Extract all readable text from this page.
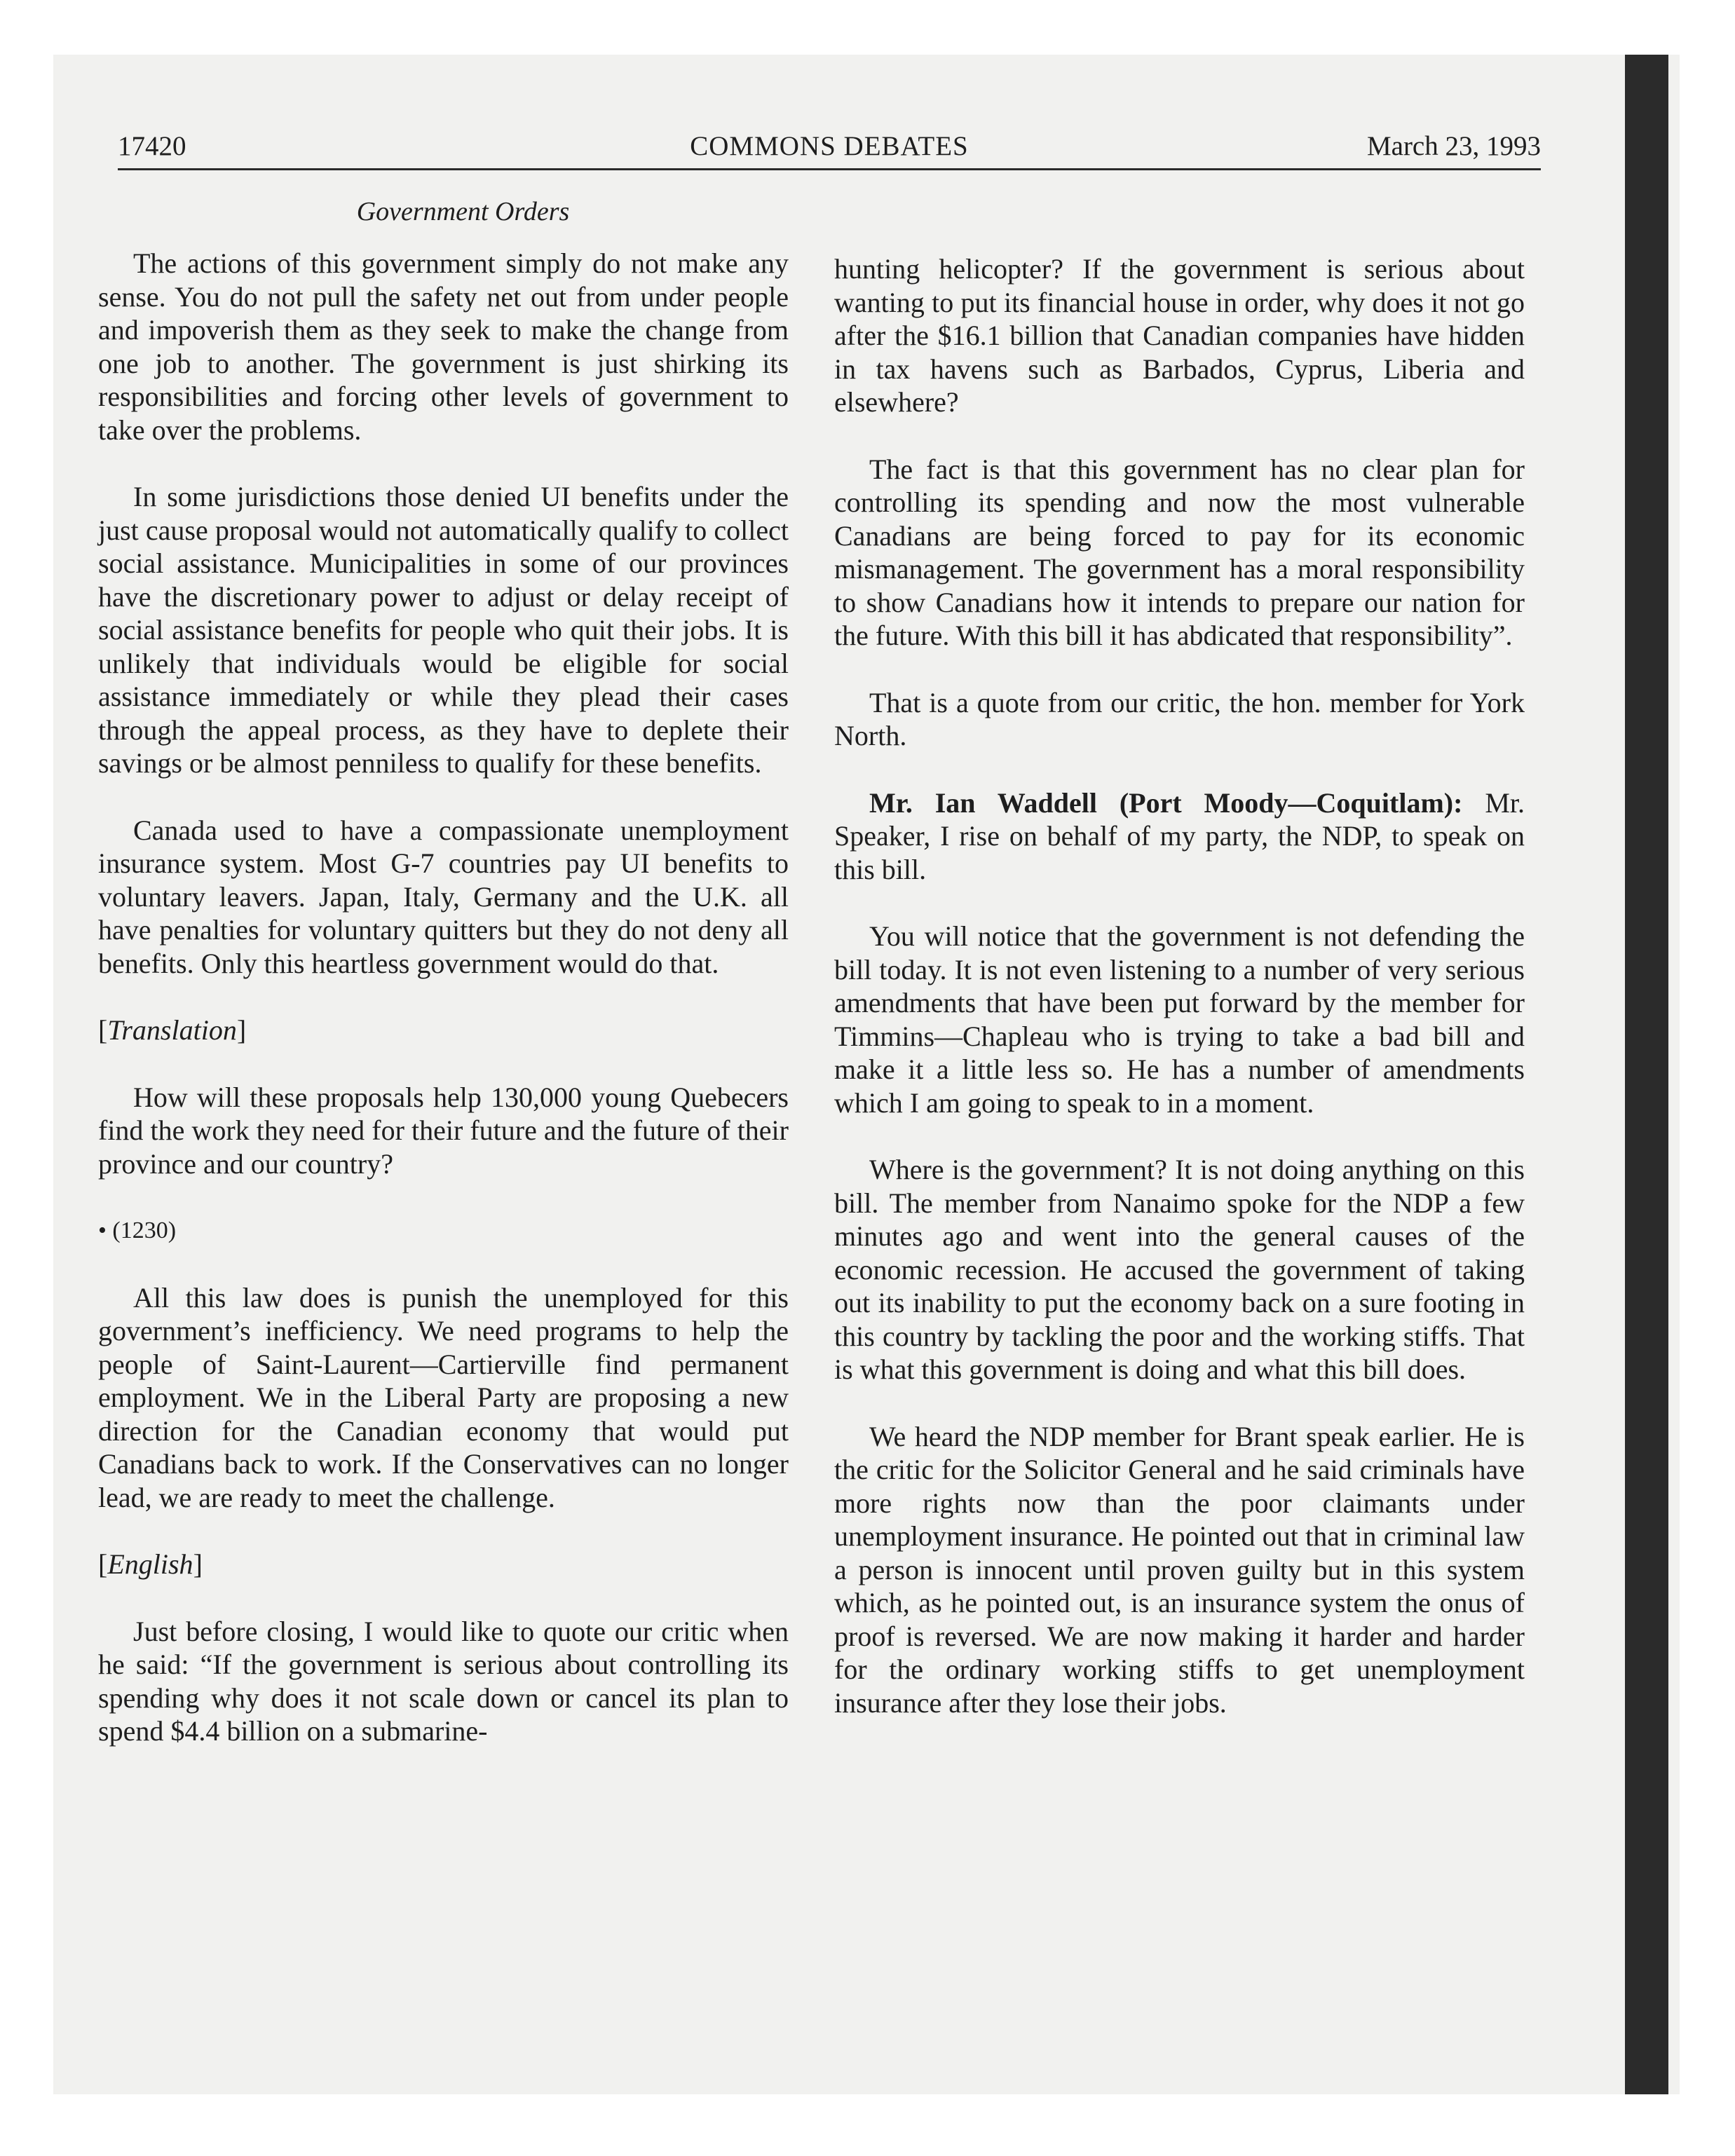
17420	COMMONS DEBATES	March 23, 1993
Government Orders

The actions of this government simply do not make any sense. You do not pull the safety net out from under people and impoverish them as they seek to make the change from one job to another. The government is just shirking its responsibilities and forcing other levels of government to take over the problems.

In some jurisdictions those denied UI benefits under the just cause proposal would not automatically qualify to collect social assistance. Municipalities in some of our provinces have the discretionary power to adjust or delay receipt of social assistance benefits for people who quit their jobs. It is unlikely that individuals would be eligible for social assistance immediately or while they plead their cases through the appeal process, as they have to deplete their savings or be almost penniless to qualify for these benefits.

Canada used to have a compassionate unemployment insurance system. Most G-7 countries pay UI benefits to voluntary leavers. Japan, Italy, Germany and the U.K. all have penalties for voluntary quitters but they do not deny all benefits. Only this heartless government would do that.

[Translation]

How will these proposals help 130,000 young Quebecers find the work they need for their future and the future of their province and our country?

• (1230)

All this law does is punish the unemployed for this government’s inefficiency. We need programs to help the people of Saint-Laurent—Cartierville find permanent employment. We in the Liberal Party are proposing a new direction for the Canadian economy that would put Canadians back to work. If the Conservatives can no longer lead, we are ready to meet the challenge.

[English]

Just before closing, I would like to quote our critic when he said: “If the government is serious about controlling its spending why does it not scale down or cancel its plan to spend $4.4 billion on a submarine-

hunting helicopter? If the government is serious about wanting to put its financial house in order, why does it not go after the $16.1 billion that Canadian companies have hidden in tax havens such as Barbados, Cyprus, Liberia and elsewhere?

The fact is that this government has no clear plan for controlling its spending and now the most vulnerable Canadians are being forced to pay for its economic mismanagement. The government has a moral responsibility to show Canadians how it intends to prepare our nation for the future. With this bill it has abdicated that responsibility”.

That is a quote from our critic, the hon. member for York North.

Mr. Ian Waddell (Port Moody—Coquitlam): Mr. Speaker, I rise on behalf of my party, the NDP, to speak on this bill.

You will notice that the government is not defending the bill today. It is not even listening to a number of very serious amendments that have been put forward by the member for Timmins—Chapleau who is trying to take a bad bill and make it a little less so. He has a number of amendments which I am going to speak to in a moment.

Where is the government? It is not doing anything on this bill. The member from Nanaimo spoke for the NDP a few minutes ago and went into the general causes of the economic recession. He accused the government of taking out its inability to put the economy back on a sure footing in this country by tackling the poor and the working stiffs. That is what this government is doing and what this bill does.

We heard the NDP member for Brant speak earlier. He is the critic for the Solicitor General and he said criminals have more rights now than the poor claimants under unemployment insurance. He pointed out that in criminal law a person is innocent until proven guilty but in this system which, as he pointed out, is an insurance system the onus of proof is reversed. We are now making it harder and harder for the ordinary working stiffs to get unemployment insurance after they lose their jobs.
